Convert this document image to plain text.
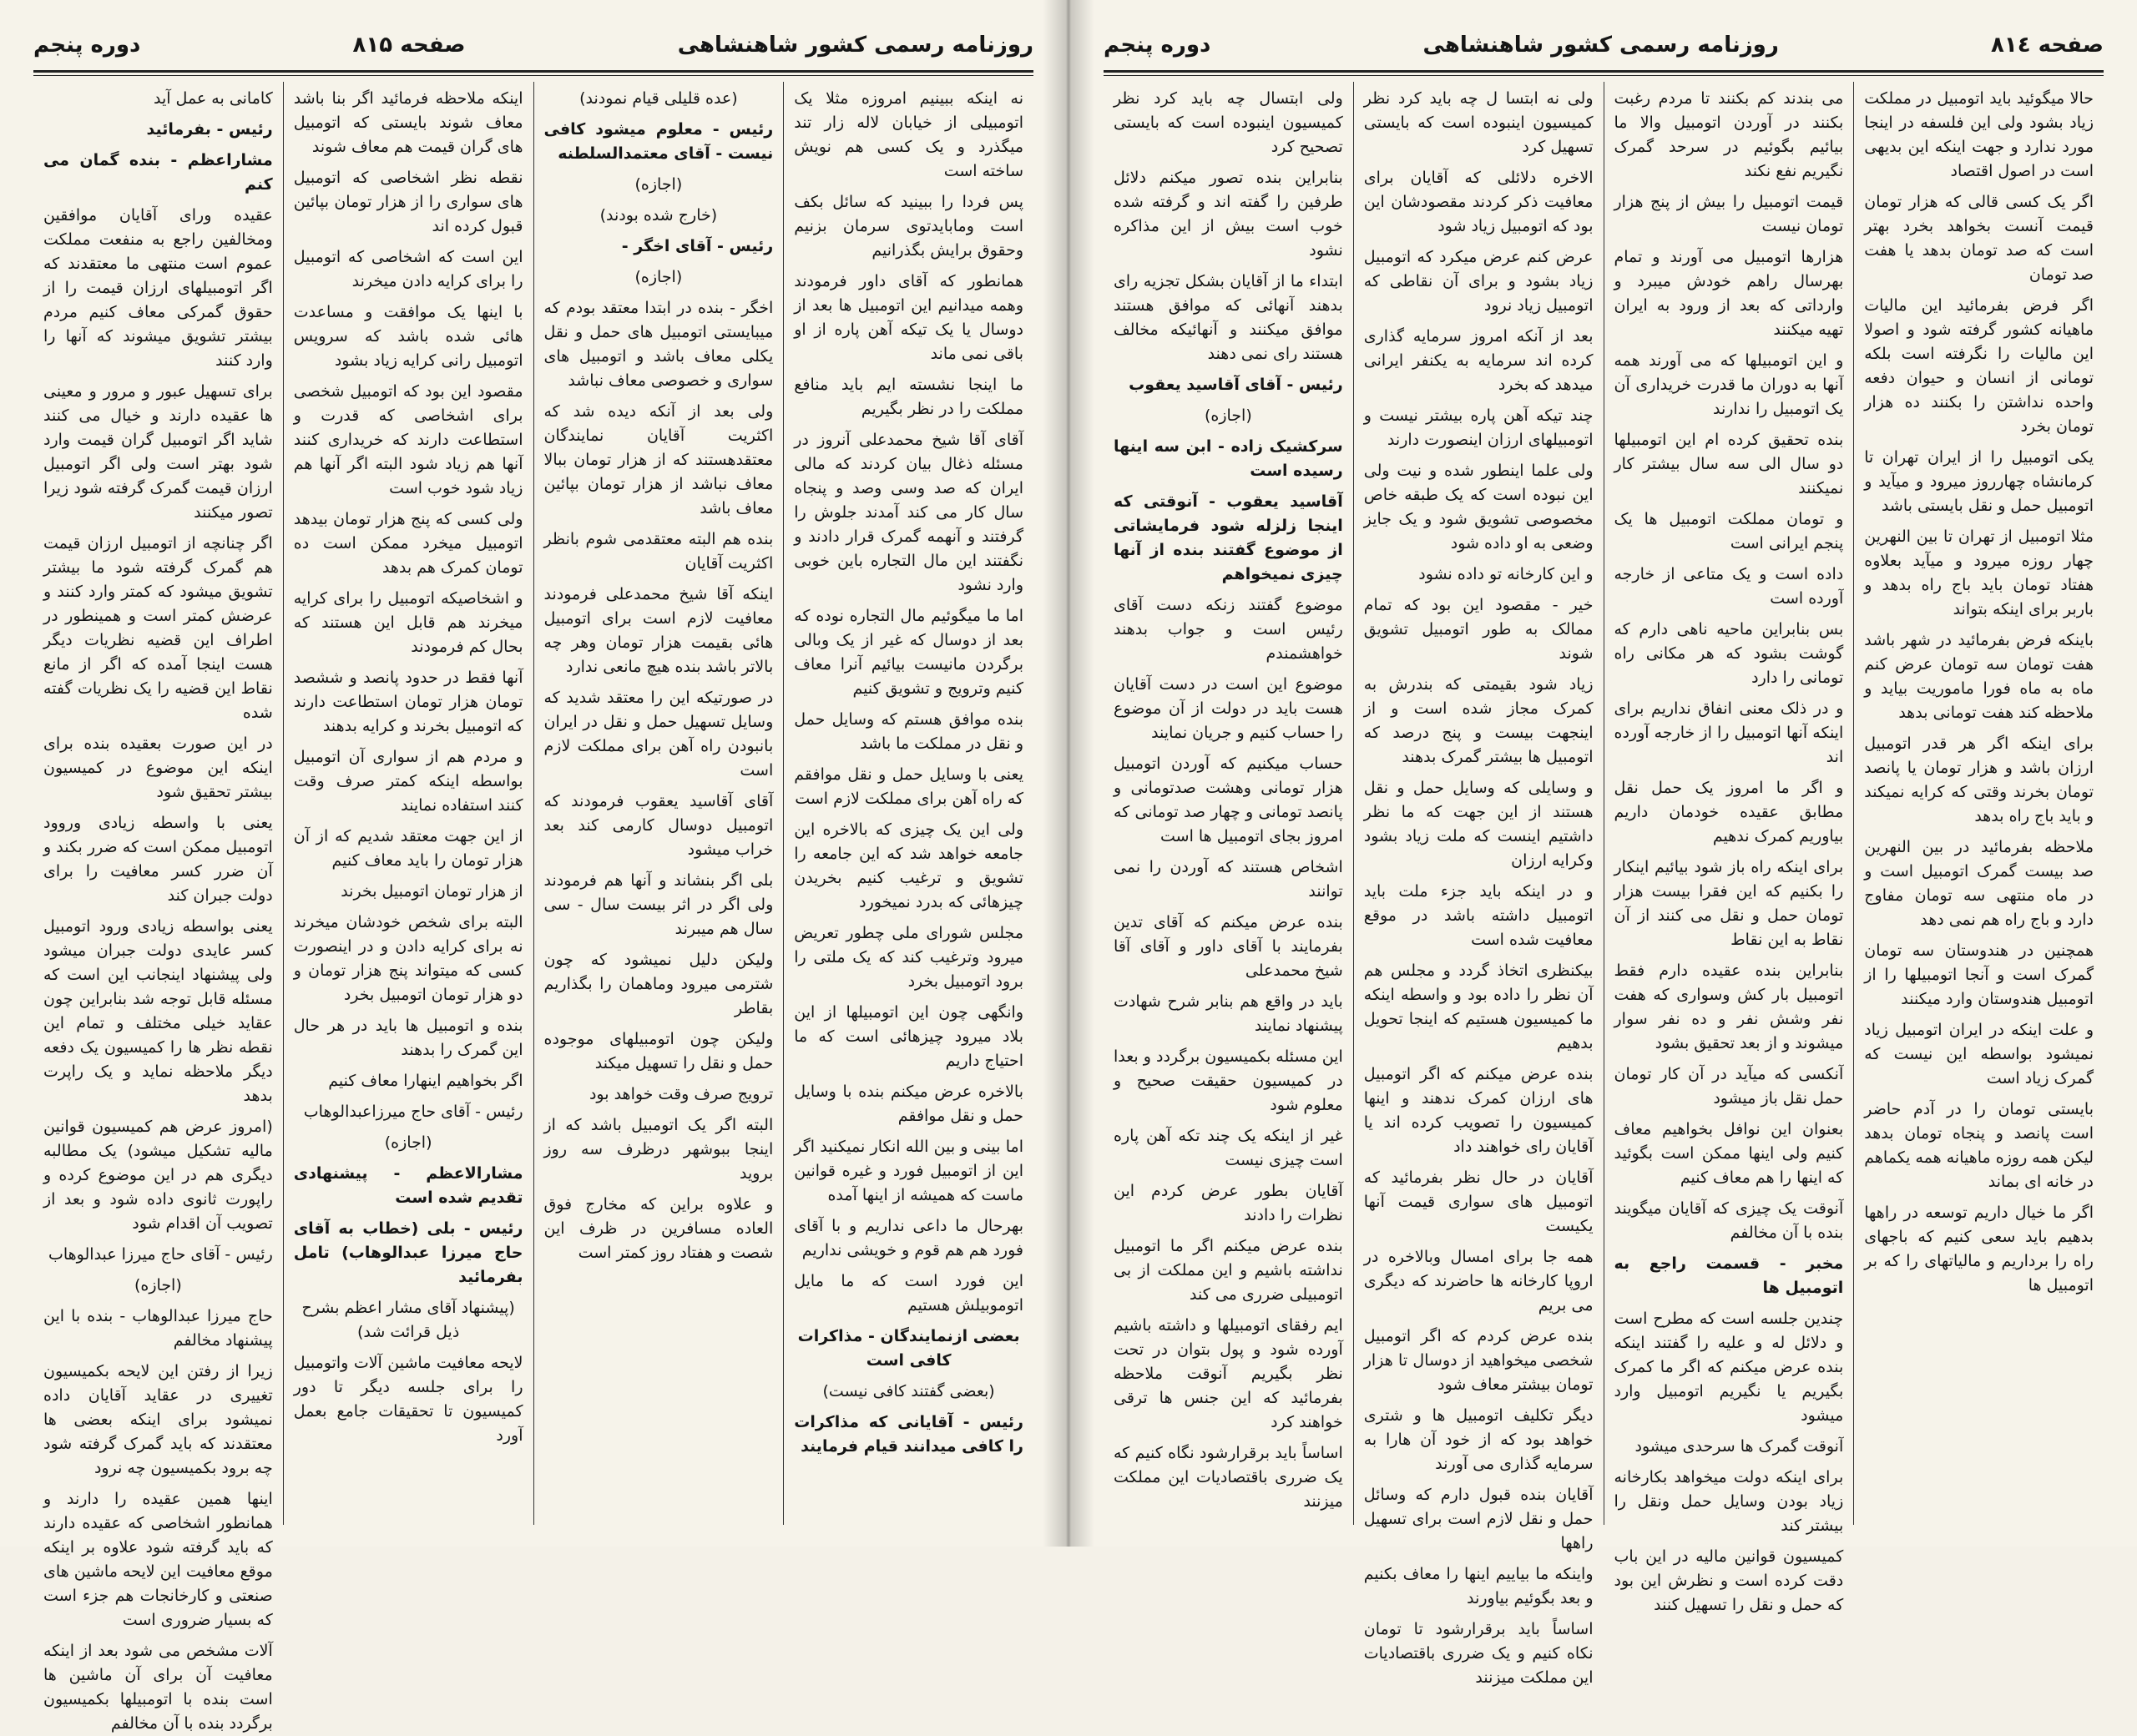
روزنامه رسمی کشور شاهنشاهی
صفحه ۸۱۵
دوره پنجم

نه اینکه ببینیم امروزه مثلا یک اتومبیلی از خیابان لاله زار تند میگذرد و یک کسی هم نویش ساخته است

پس فردا را ببینید که سائل بکف است ومابایدتوی سرمان بزنیم وحقوق برایش بگذرانیم

همانطور که آقای داور فرمودند وهمه میدانیم این اتومبیل ها بعد از دوسال یا یک تیکه آهن پاره از او باقی نمی ماند

ما اینجا نشسته ایم باید منافع مملکت را در نظر بگیریم

آقای آقا شیخ محمدعلی آنروز در مسئله ذغال بیان کردند که مالی ایران که صد وسی وصد و پنجاه سال کار می کند آمدند جلوش را گرفتند و آنهمه گمرک قرار دادند و نگفتند این مال التجاره باین خوبی وارد نشود

اما ما میگوئیم مال التجاره نوده که بعد از دوسال که غیر از یک وبالی برگردن مانیست بیائیم آنرا معاف کنیم وترویج و تشویق کنیم

بنده موافق هستم که وسایل حمل و نقل در مملکت ما باشد

یعنی با وسایل حمل و نقل موافقم که راه آهن برای مملکت لازم است

ولی این یک چیزی که بالاخره این جامعه خواهد شد که این جامعه را تشویق و ترغیب کنیم بخریدن چیزهائی که بدرد نمیخورد

مجلس شورای ملی چطور تعریض میرود وترغیب کند که یک ملتی را برود اتومبیل بخرد

وانگهی چون این اتومبیلها از این بلاد میرود چیزهائی است که ما احتیاج داریم

بالاخره عرض میکنم بنده با وسایل حمل و نقل موافقم

اما بینی و بین الله انکار نمیکنید اگر این از اتومبیل فورد و غیره قوانین ماست که همیشه از اینها آمده

بهرحال ما داعی نداریم و با آقای فورد هم هم قوم و خویشی نداریم

این فورد است که ما مایل اتوموبیلش هستیم

بعضی ازنمایندگان - مذاکرات کافی است

(بعضی گفتند کافی نیست)

رئیس - آقایانی که مذاکرات را کافی میدانند قیام فرمایند

(عده قلیلی قیام نمودند)

رئیس - معلوم میشود کافی نیست - آقای معتمدالسلطنه

(اجازه)

(خارج شده بودند)

رئیس - آقای اخگر -

(اجازه)

اخگر - بنده در ابتدا معتقد بودم که میبایستی اتومبیل های حمل و نقل یکلی معاف باشد و اتومبیل های سواری و خصوصی معاف نباشد

ولی بعد از آنکه دیده شد که اکثریت آقایان نمایندگان معتقدهستند که از هزار تومان ببالا معاف نباشد از هزار تومان بپائین معاف باشد

بنده هم البته معتقدمی شوم بانظر اکثریت آقایان

اینکه آقا شیخ محمدعلی فرمودند معافیت لازم است برای اتومبیل هائی بقیمت هزار تومان وهر چه بالاتر باشد بنده هیچ مانعی ندارد

در صورتیکه این را معتقد شدید که وسایل تسهیل حمل و نقل در ایران بانبودن راه آهن برای مملکت لازم است

آقای آقاسید یعقوب فرمودند که اتومبیل دوسال کارمی کند بعد خراب میشود

بلی اگر بنشاند و آنها هم فرمودند ولی اگر در اثر بیست سال - سی سال هم میبرند

ولیکن دلیل نمیشود که چون شترمی میرود وماهمان را بگذاریم بقاطر

ولیکن چون اتومبیلهای موجوده حمل و نقل را تسهیل میکند

ترویج صرف وقت خواهد بود

البته اگر یک اتومبیل باشد که از اینجا ببوشهر درظرف سه روز بروید

و علاوه براین که مخارج فوق العاده مسافرین در ظرف این شصت و هفتاد روز کمتر است

اینکه ملاحظه فرمائید اگر بنا باشد معاف شوند بایستی که اتومبیل های گران قیمت هم معاف شوند

نقطه نظر اشخاصی که اتومبیل های سواری را از هزار تومان بپائین قبول کرده اند

این است که اشخاصی که اتومبیل را برای کرایه دادن میخرند

با اینها یک موافقت و مساعدت هائی شده باشد که سرویس اتومبیل رانی کرایه زیاد بشود

مقصود این بود که اتومبیل شخصی برای اشخاصی که قدرت و استطاعت دارند که خریداری کنند آنها هم زیاد شود البته اگر آنها هم زیاد شود خوب است

ولی کسی که پنج هزار تومان بیدهد اتومبیل میخرد ممکن است ده تومان کمرک هم بدهد

و اشخاصیکه اتومبیل را برای کرایه میخرند هم قابل این هستند که بحال کم فرمودند

آنها فقط در حدود پانصد و ششصد تومان هزار تومان استطاعت دارند که اتومبیل بخرند و کرایه بدهند

و مردم هم از سواری آن اتومبیل بواسطه اینکه کمتر صرف وقت کنند استفاده نمایند

از این جهت معتقد شدیم که از آن هزار تومان را باید معاف کنیم

از هزار تومان اتومبیل بخرند

البته برای شخص خودشان میخرند نه برای کرایه دادن و در اینصورت کسی که میتواند پنج هزار تومان و دو هزار تومان اتومبیل بخرد

بنده و اتومبیل ها باید در هر حال این گمرک را بدهند

اگر بخواهیم اینهارا معاف کنیم

رئیس - آقای حاج میرزاعبدالوهاب

(اجازه)

مشارالاعظم - پیشنهادی تقدیم شده است

رئیس - بلی (خطاب به آقای حاج میرزا عبدالوهاب) تامل بفرمائید

(پیشنهاد آقای مشار اعظم بشرح ذیل قرائت شد)

لایحه معافیت ماشین آلات واتومبیل را برای جلسه دیگر تا دور کمیسیون تا تحقیقات جامع بعمل آورد

کامانی به عمل آید

رئیس - بفرمائید

مشاراعظم - بنده گمان می کنم

عقیده ورای آقایان موافقین ومخالفین راجع به منفعت مملکت عموم است منتهی ما معتقدند که اگر اتومبیلهای ارزان قیمت را از حقوق گمرکی معاف کنیم مردم بیشتر تشویق میشوند که آنها را وارد کنند

برای تسهیل عبور و مرور و معینی ها عقیده دارند و خیال می کنند شاید اگر اتومبیل گران قیمت وارد شود بهتر است ولی اگر اتومبیل ارزان قیمت گمرک گرفته شود زیرا تصور میکنند

اگر چنانچه از اتومبیل ارزان قیمت هم گمرک گرفته شود ما بیشتر تشویق میشود که کمتر وارد کنند و عرضش کمتر است و همینطور در اطراف این قضیه نظریات دیگر هست اینجا آمده که اگر از مانع نقاط این قضیه را یک نظریات گفته شده

در این صورت بعقیده بنده برای اینکه این موضوع در کمیسیون بیشتر تحقیق شود

یعنی با واسطه زیادی وروود اتومبیل ممکن است که ضرر بکند و آن ضرر کسر معافیت را برای دولت جبران کند

یعنی بواسطه زیادی ورود اتومبیل کسر عایدی دولت جبران میشود ولی پیشنهاد اینجانب این است که مسئله قابل توجه شد بنابراین چون عقاید خیلی مختلف و تمام این نقطه نظر ها را کمیسیون یک دفعه دیگر ملاحظه نماید و یک راپرت بدهد

(امروز عرض هم کمیسیون قوانین مالیه تشکیل میشود) یک مطالبه دیگری هم در این موضوع کرده و راپورت ثانوی داده شود و بعد از تصویب آن اقدام شود

رئیس - آقای حاج میرزا عبدالوهاب

(اجازه)

حاج میرزا عبدالوهاب - بنده با این پیشنهاد مخالفم

زیرا از رفتن این لایحه بکمیسیون تغییری در عقاید آقایان داده نمیشود برای اینکه بعضی ها معتقدند که باید گمرک گرفته شود چه برود بکمیسیون چه نرود

اینها همین عقیده را دارند و همانطور اشخاصی که عقیده دارند که باید گرفته شود علاوه بر اینکه موقع معافیت این لایحه ماشین های صنعتی و کارخانجات هم جزء است که بسیار ضروری است

آلات مشخص می شود بعد از اینکه معافیت آن برای آن ماشین ها است بنده با اتومبیلها بکمیسیون برگردد بنده با آن مخالفم

صفحه ۸۱٤
روزنامه رسمی کشور شاهنشاهی
دوره پنجم

حالا میگوئید باید اتومبیل در مملکت زیاد بشود ولی این فلسفه در اینجا مورد ندارد و جهت اینکه این بدیهی است در اصول اقتصاد

اگر یک کسی قالی که هزار تومان قیمت آنست بخواهد بخرد بهتر است که صد تومان بدهد یا هفت صد تومان

اگر فرض بفرمائید این مالیات ماهیانه کشور گرفته شود و اصولا این مالیات را نگرفته است بلکه تومانی از انسان و حیوان دفعه واحده نداشتن را بکنند ده هزار تومان بخرد

یکی اتومبیل را از ایران تهران تا کرمانشاه چهارروز میرود و میآید و اتومبیل حمل و نقل بایستی باشد

مثلا اتومبیل از تهران تا بین النهرین چهار روزه میرود و میآید بعلاوه هفتاد تومان باید باج راه بدهد و باربر برای اینکه بتواند

باینکه فرض بفرمائید در شهر باشد هفت تومان سه تومان عرض کنم ماه به ماه فورا ماموریت بیاید و ملاحظه کند هفت تومانی بدهد

برای اینکه اگر هر قدر اتومبیل ارزان باشد و هزار تومان یا پانصد تومان بخرند وقتی که کرایه نمیکند و باید باج راه بدهد

ملاحظه بفرمائید در بین النهرین صد بیست گمرک اتومبیل است و در ماه منتهی سه تومان مفاوج دارد و باج راه هم نمی دهد

همچنین در هندوستان سه تومان گمرک است و آنجا اتومبیلها را از اتومبیل هندوستان وارد میکنند

و علت اینکه در ایران اتومبیل زیاد نمیشود بواسطه این نیست که گمرک زیاد است

بایستی تومان را در آدم حاضر است پانصد و پنجاه تومان بدهد لیکن همه روزه ماهیانه همه یکماهم در خانه ای بماند

اگر ما خیال داریم توسعه در راهها بدهیم باید سعی کنیم که باجهای راه را برداریم و مالیاتهای را که بر اتومبیل ها

می بندند کم بکنند تا مردم رغبت بکنند در آوردن اتومبیل والا ما بیائیم بگوئیم در سرحد گمرک نگیریم نفع نکند

قیمت اتومبیل را بیش از پنج هزار تومان نیست

هزارها اتومبیل می آورند و تمام بهرسال راهم خودش میبرد و وارداتی که بعد از ورود به ایران تهیه میکنند

و این اتومبیلها که می آورند همه آنها به دوران ما قدرت خریداری آن یک اتومبیل را ندارند

بنده تحقیق کرده ام این اتومبیلها دو سال الی سه سال بیشتر کار نمیکنند

و تومان مملکت اتومبیل ها یک پنجم ایرانی است

داده است و یک متاعی از خارجه آورده است

بس بنابراین ماحیه ناهی دارم که گوشت بشود که هر مکانی راه تومانی را دارد

و در ذلک معنی انفاق نداریم برای اینکه آنها اتومبیل را از خارجه آورده اند

و اگر ما امروز یک حمل نقل مطابق عقیده خودمان داریم بیاوریم کمرک ندهیم

برای اینکه راه باز شود بیائیم اینکار را بکنیم که این فقرا بیست هزار تومان حمل و نقل می کنند از آن نقاط به این نقاط

بنابراین بنده عقیده دارم فقط اتومبیل بار کش وسواری که هفت نفر وشش نفر و ده نفر سوار میشوند و از بعد تحقیق بشود

آنکسی که میآید در آن کار تومان حمل نقل باز میشود

بعنوان این نوافل بخواهیم معاف کنیم ولی اینها ممکن است بگوئید که اینها را هم معاف کنیم

آنوقت یک چیزی که آقایان میگویند بنده با آن مخالفم

مخبر - قسمت راجع به اتومبیل ها

چندین جلسه است که مطرح است و دلائل له و علیه را گفتند اینکه بنده عرض میکنم که اگر ما کمرک بگیریم یا نگیریم اتومبیل وارد میشود

آنوقت گمرک ها سرحدی میشود

برای اینکه دولت میخواهد بکارخانه زیاد بودن وسایل حمل ونقل را بیشتر کند

کمیسیون قوانین مالیه در این باب دقت کرده است و نظرش این بود که حمل و نقل را تسهیل کنند

ولی نه ابتسا ل چه باید کرد نظر کمیسیون اینبوده است که بایستی تسهیل کرد

الاخره دلائلی که آقایان برای معافیت ذکر کردند مقصودشان این بود که اتومبیل زیاد شود

عرض کنم عرض میکرد که اتومبیل زیاد بشود و برای آن نقاطی که اتومبیل زیاد نرود

بعد از آنکه امروز سرمایه گذاری کرده اند سرمایه به یکنفر ایرانی میدهد که بخرد

چند تیکه آهن پاره بیشتر نیست و اتومبیلهای ارزان اینصورت دارند

ولی علما اینطور شده و نیت ولی این نبوده است که یک طبقه خاص مخصوصی تشویق شود و یک جایز وضعی به او داده شود

و این کارخانه تو داده نشود

خیر - مقصود این بود که تمام ممالک به طور اتومبیل تشویق شوند

زیاد شود بقیمتی که بندرش به کمرک مجاز شده است و از اینجهت بیست و پنج درصد که اتومبیل ها بیشتر گمرک بدهند

و وسایلی که وسایل حمل و نقل هستند از این جهت که ما نظر داشتیم اینست که ملت زیاد بشود وکرایه ارزان

و در اینکه باید جزء ملت باید اتومبیل داشته باشد در موقع معافیت شده است

بیکنظری اتخاذ گردد و مجلس هم آن نظر را داده بود و واسطه اینکه ما کمیسیون هستیم که اینجا تحویل بدهیم

بنده عرض میکنم که اگر اتومبیل های ارزان کمرک ندهند و اینها کمیسیون را تصویب کرده اند یا آقایان رای خواهند داد

آقایان در حال نظر بفرمائید که اتومبیل های سواری قیمت آنها یکیست

همه جا برای امسال وبالاخره در اروپا کارخانه ها حاضرند که دیگری می بریم

بنده عرض کردم که اگر اتومبیل شخصی میخواهید از دوسال تا هزار تومان بیشتر معاف شود

دیگر تکلیف اتومبیل ها و شتری خواهد بود که از خود آن هارا به سرمایه گذاری می آورند

آقایان بنده قبول دارم که وسائل حمل و نقل لازم است برای تسهیل راهها

واینکه ما بیاییم اینها را معاف بکنیم و بعد بگوئیم بیاورند

اساساً باید برقرارشود تا تومان نکاه کنیم و یک ضرری باقتصادیات این مملکت میزنند

ولی ابتسال چه باید کرد نظر کمیسیون اینبوده است که بایستی تصحیح کرد

بنابراین بنده تصور میکنم دلائل طرفین را گفته اند و گرفته شده خوب است بیش از این مذاکره نشود

ابتداء ما از آقایان بشکل تجزیه رای بدهند آنهائی که موافق هستند موافق میکنند و آنهائیکه مخالف هستند رای نمی دهند

رئیس - آقای آقاسید یعقوب

(اجازه)

سرکشیک زاده - ابن سه اینها رسیده است

آقاسید یعقوب - آنوقتی که اینجا زلزله شود فرمایشاتی از موضوع گفتند بنده از آنها چیزی نمیخواهم

موضوع گفتند زنکه دست آقای رئیس است و جواب بدهند خواهشمندم

موضوع این است در دست آقایان هست باید در دولت از آن موضوع را حساب کنیم و جریان نمایند

حساب میکنیم که آوردن اتومبیل هزار تومانی وهشت صدتومانی و پانصد تومانی و چهار صد تومانی که امروز بجای اتومبیل ها است

اشخاص هستند که آوردن را نمی توانند

بنده عرض میکنم که آقای تدین بفرمایند با آقای داور و آقای آقا شیخ محمدعلی

باید در واقع هم بنابر شرح شهادت پیشنهاد نمایند

این مسئله بکمیسیون برگردد و بعدا در کمیسیون حقیقت صحیح و معلوم شود

غیر از اینکه یک چند تکه آهن پاره است چیزی نیست

آقایان بطور عرض کردم این نظرات را دادند

بنده عرض میکنم اگر ما اتومبیل نداشته باشیم و این مملکت از بی اتومبیلی ضرری می کند

ایم رفقای اتومبیلها و داشته باشیم آورده شود و پول بتوان در تحت نظر بگیریم آنوقت ملاحظه بفرمائید که این جنس ها ترقی خواهند کرد

اساساً باید برقرارشود نگاه کنیم که یک ضرری باقتصادیات این مملکت میزنند
